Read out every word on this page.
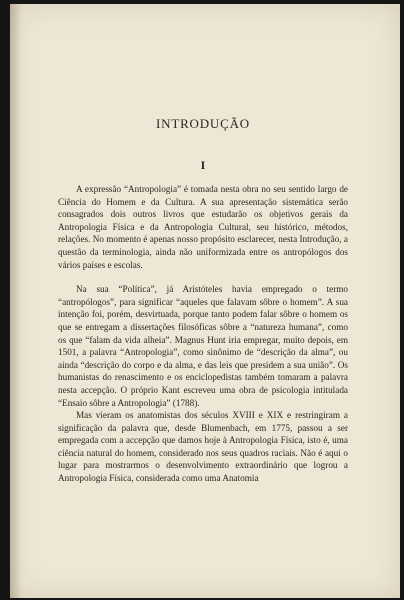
INTRODUÇÃO
I

A expressão “Antropologia” é tomada nesta obra no seu sentido largo de Ciência do Homem e da Cultura. A sua apresentação sistemática serão consagrados dois outros livros que estudarão os objetivos gerais da Antropologia Física e da Antropologia Cultural, seu histórico, métodos, relações. No momento é apenas nosso propósito esclarecer, nesta Introdução, a questão da terminologia, ainda não uniformizada entre os antropólogos dos vários países e escolas.

Na sua “Política”, já Aristóteles havia empregado o termo “antropólogos”, para significar “aqueles que falavam sôbre o homem”. A sua intenção foi, porém, desvirtuada, porque tanto podem falar sôbre o homem os que se entregam a dissertações filosóficas sôbre a “natureza humana”, como os que “falam da vida alheia”. Magnus Hunt iria empregar, muito depois, em 1501, a palavra “Antropologia”, como sinônimo de “descrição da alma”, ou ainda “descrição do corpo e da alma, e das leis que presidem a sua união”. Os humanistas do renascimento e os enciclopedistas também tomaram a palavra nesta accepção. O próprio Kant escreveu uma obra de psicologia intitulada “Ensaio sôbre a Antropologia” (1788).

Mas vieram os anatomistas dos séculos XVIII e XIX e restringiram a significação da palavra que, desde Blumenbach, em 1775, passou a ser empregada com a accepção que damos hoje à Antropologia Física, isto é, uma ciência natural do homem, considerado nos seus quadros raciais. Não é aqui o lugar para mostrarmos o desenvolvimento extraordinário que logrou a Antropologia Física, considerada como uma Anatomia
